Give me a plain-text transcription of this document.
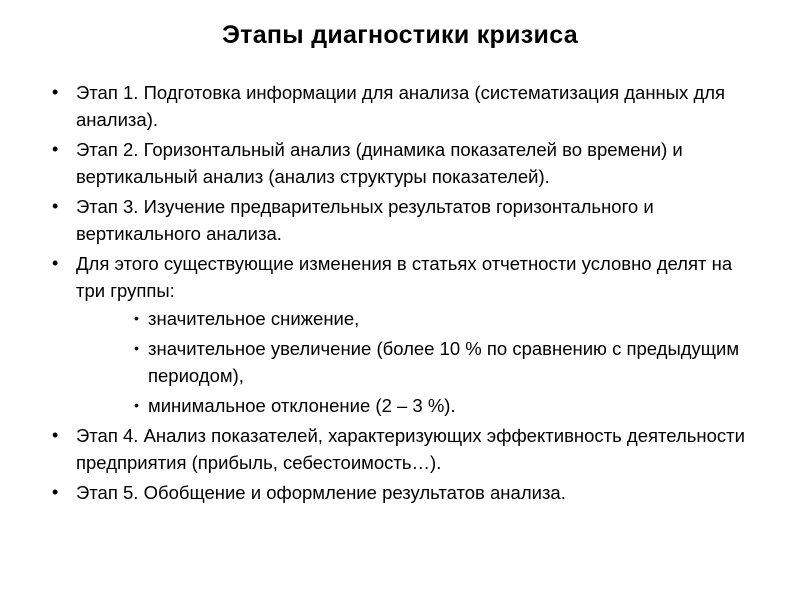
Этапы диагностики кризиса
• Этап 1. Подготовка информации для анализа (систематизация данных для анализа).
• Этап 2. Горизонтальный анализ (динамика показателей во времени) и вертикальный анализ (анализ структуры показателей).
• Этап 3. Изучение предварительных результатов горизонтального и вертикального анализа.
• Для этого существующие изменения в статьях отчетности условно делят на три группы:
• значительное снижение,
• значительное увеличение (более 10 % по сравнению с предыдущим периодом),
• минимальное отклонение (2 – 3 %).
• Этап 4. Анализ показателей, характеризующих эффективность деятельности предприятия (прибыль, себестоимость…).
• Этап 5. Обобщение и оформление результатов анализа.
